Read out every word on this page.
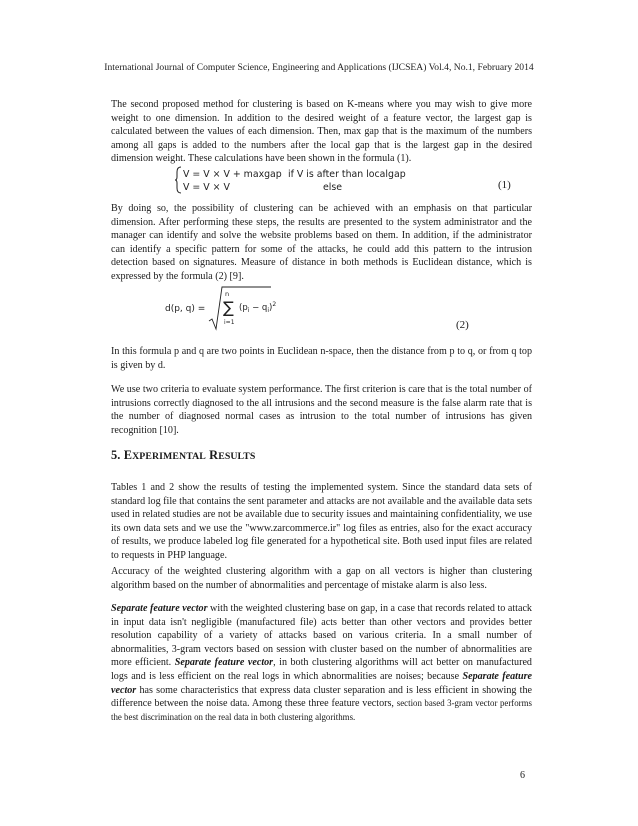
International Journal of Computer Science, Engineering and Applications (IJCSEA) Vol.4, No.1, February 2014
The second proposed method for clustering is based on K-means where you may wish to give more weight to one dimension. In addition to the desired weight of a feature vector, the largest gap is calculated between the values of each dimension. Then, max gap that is the maximum of the numbers among all gaps is added to the numbers after the local gap that is the largest gap in the desired dimension weight. These calculations have been shown in the formula (1).
V = V × V + maxgap if V is after than localgap
V = V × V	else	(1)
By doing so, the possibility of clustering can be achieved with an emphasis on that particular dimension. After performing these steps, the results are presented to the system administrator and the manager can identify and solve the website problems based on them. In addition, if the administrator can identify a specific pattern for some of the attacks, he could add this pattern to the intrusion detection based on signatures. Measure of distance in both methods is Euclidean distance, which is expressed by the formula (2) [9].
d(p, q) =
n
∑
i=1
$(p_i - q_i)^2$
(2)
In this formula p and q are two points in Euclidean n-space, then the distance from p to q, or from q top is given by d.
We use two criteria to evaluate system performance. The first criterion is care that is the total number of intrusions correctly diagnosed to the all intrusions and the second measure is the false alarm rate that is the number of diagnosed normal cases as intrusion to the total number of intrusions has given recognition [10].
5. EXPERIMENTAL RESULTS
Tables 1 and 2 show the results of testing the implemented system. Since the standard data sets of standard log file that contains the sent parameter and attacks are not available and the available data sets used in related studies are not be available due to security issues and maintaining confidentiality, we use its own data sets and we use the "www.zarcommerce.ir" log files as entries, also for the exact accuracy of results, we produce labeled log file generated for a hypothetical site. Both used input files are related to requests in PHP language.
Accuracy of the weighted clustering algorithm with a gap on all vectors is higher than clustering algorithm based on the number of abnormalities and percentage of mistake alarm is also less.
Separate feature vector with the weighted clustering base on gap, in a case that records related to attack in input data isn't negligible (manufactured file) acts better than other vectors and provides better resolution capability of a variety of attacks based on various criteria. In a small number of abnormalities, 3-gram vectors based on session with cluster based on the number of abnormalities are more efficient. Separate feature vector, in both clustering algorithms will act better on manufactured logs and is less efficient on the real logs in which abnormalities are noises; because Separate feature vector has some characteristics that express data cluster separation and is less efficient in showing the difference between the noise data. Among these three feature vectors, section based 3-gram vector performs the best discrimination on the real data in both clustering algorithms.
6
